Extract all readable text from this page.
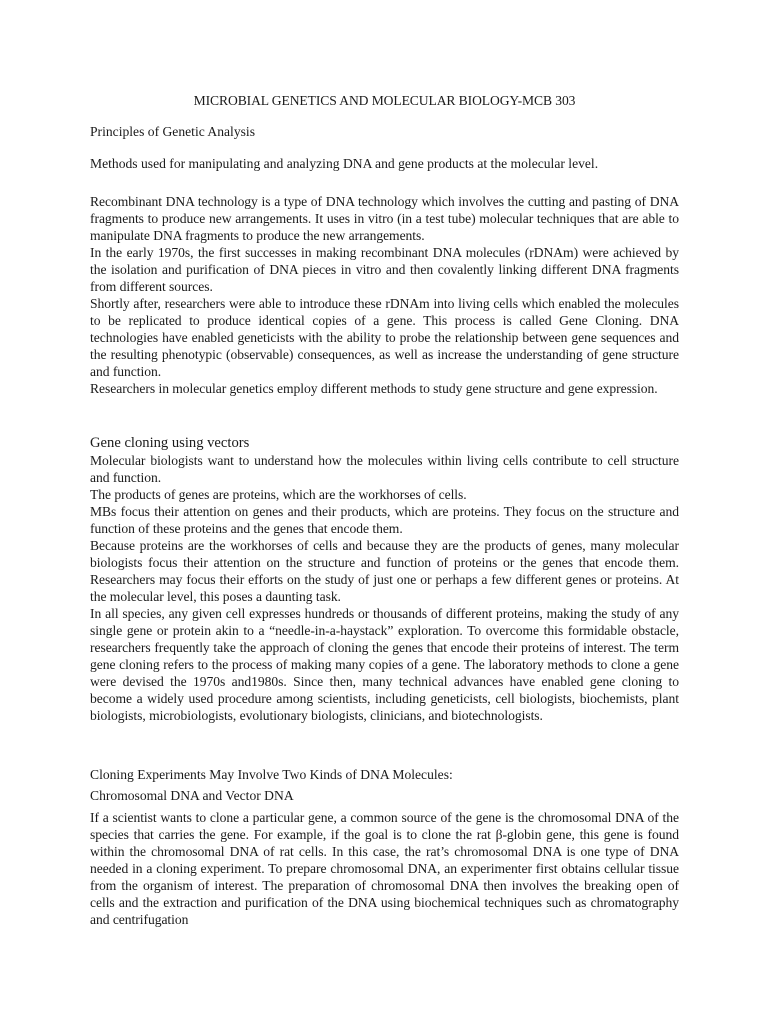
MICROBIAL GENETICS AND MOLECULAR BIOLOGY-MCB 303

Principles of Genetic Analysis

Methods used for manipulating and analyzing DNA and gene products at the molecular level.

Recombinant DNA technology is a type of DNA technology which involves the cutting and pasting of DNA fragments to produce new arrangements. It uses in vitro (in a test tube) molecular techniques that are able to manipulate DNA fragments to produce the new arrangements.

In the early 1970s, the first successes in making recombinant DNA molecules (rDNAm) were achieved by the isolation and purification of DNA pieces in vitro and then covalently linking different DNA fragments from different sources.

Shortly after, researchers were able to introduce these rDNAm into living cells which enabled the molecules to be replicated to produce identical copies of a gene. This process is called Gene Cloning. DNA technologies have enabled geneticists with the ability to probe the relationship between gene sequences and the resulting phenotypic (observable) consequences, as well as increase the understanding of gene structure and function.

Researchers in molecular genetics employ different methods to study gene structure and gene expression.

Gene cloning using vectors

Molecular biologists want to understand how the molecules within living cells contribute to cell structure and function.

The products of genes are proteins, which are the workhorses of cells.

MBs focus their attention on genes and their products, which are proteins. They focus on the structure and function of these proteins and the genes that encode them.

Because proteins are the workhorses of cells and because they are the products of genes, many molecular biologists focus their attention on the structure and function of proteins or the genes that encode them. Researchers may focus their efforts on the study of just one or perhaps a few different genes or proteins. At the molecular level, this poses a daunting task.

In all species, any given cell expresses hundreds or thousands of different proteins, making the study of any single gene or protein akin to a “needle-in-a-haystack” exploration. To overcome this formidable obstacle, researchers frequently take the approach of cloning the genes that encode their proteins of interest. The term gene cloning refers to the process of making many copies of a gene. The laboratory methods to clone a gene were devised the 1970s and1980s. Since then, many technical advances have enabled gene cloning to become a widely used procedure among scientists, including geneticists, cell biologists, biochemists, plant biologists, microbiologists, evolutionary biologists, clinicians, and biotechnologists.

Cloning Experiments May Involve Two Kinds of DNA Molecules:

Chromosomal DNA and Vector DNA

If a scientist wants to clone a particular gene, a common source of the gene is the chromosomal DNA of the species that carries the gene. For example, if the goal is to clone the rat β-globin gene, this gene is found within the chromosomal DNA of rat cells. In this case, the rat’s chromosomal DNA is one type of DNA needed in a cloning experiment. To prepare chromosomal DNA, an experimenter first obtains cellular tissue from the organism of interest. The preparation of chromosomal DNA then involves the breaking open of cells and the extraction and purification of the DNA using biochemical techniques such as chromatography and centrifugation
